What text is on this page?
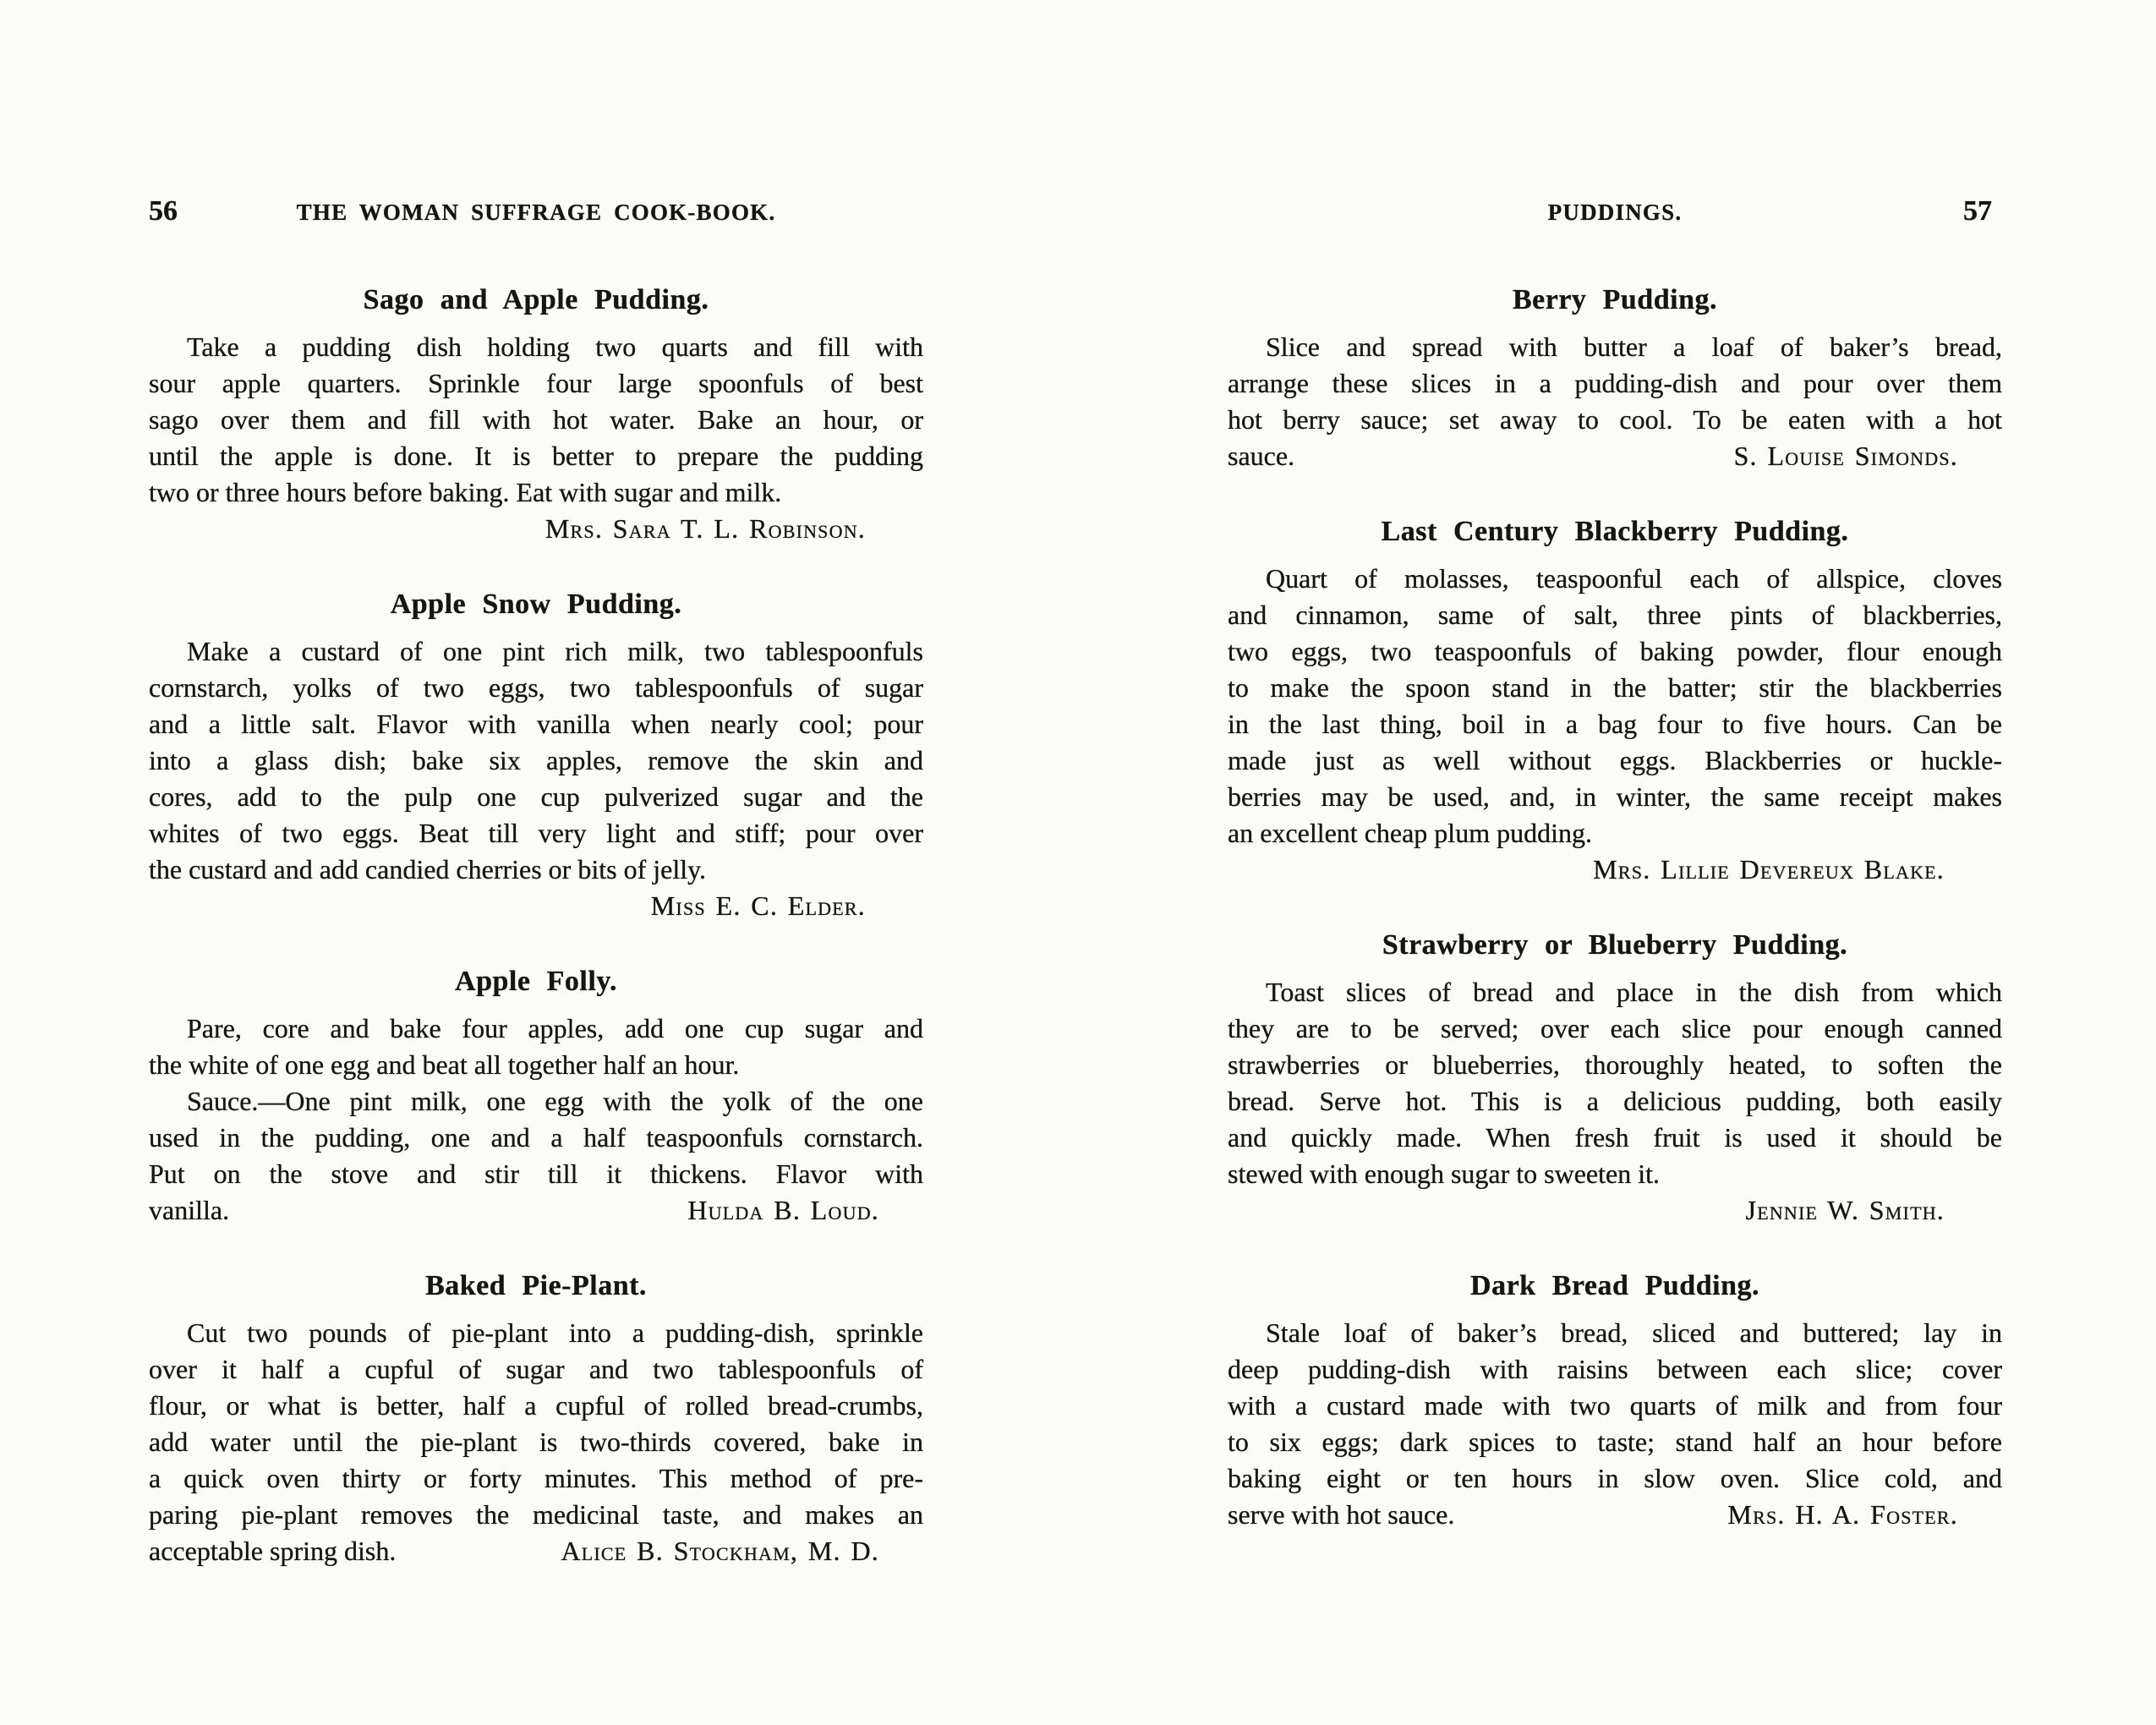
56	THE WOMAN SUFFRAGE COOK-BOOK.
Sago and Apple Pudding.
Take a pudding dish holding two quarts and fill with
sour apple quarters. Sprinkle four large spoonfuls of best
sago over them and fill with hot water. Bake an hour, or
until the apple is done. It is better to prepare the pudding
two or three hours before baking. Eat with sugar and milk.
Mrs. Sara T. L. Robinson.
Apple Snow Pudding.
Make a custard of one pint rich milk, two tablespoonfuls
cornstarch, yolks of two eggs, two tablespoonfuls of sugar
and a little salt. Flavor with vanilla when nearly cool; pour
into a glass dish; bake six apples, remove the skin and
cores, add to the pulp one cup pulverized sugar and the
whites of two eggs. Beat till very light and stiff; pour over
the custard and add candied cherries or bits of jelly.
Miss E. C. Elder.
Apple Folly.
Pare, core and bake four apples, add one cup sugar and
the white of one egg and beat all together half an hour.
Sauce.—One pint milk, one egg with the yolk of the one
used in the pudding, one and a half teaspoonfuls cornstarch.
Put on the stove and stir till it thickens. Flavor with
vanilla.	Hulda B. Loud.
Baked Pie-Plant.
Cut two pounds of pie-plant into a pudding-dish, sprinkle
over it half a cupful of sugar and two tablespoonfuls of
flour, or what is better, half a cupful of rolled bread-crumbs,
add water until the pie-plant is two-thirds covered, bake in
a quick oven thirty or forty minutes. This method of pre-
paring pie-plant removes the medicinal taste, and makes an
acceptable spring dish.	Alice B. Stockham, M. D.
PUDDINGS.	57
Berry Pudding.
Slice and spread with butter a loaf of baker’s bread,
arrange these slices in a pudding-dish and pour over them
hot berry sauce; set away to cool. To be eaten with a hot
sauce.	S. Louise Simonds.
Last Century Blackberry Pudding.
Quart of molasses, teaspoonful each of allspice, cloves
and cinnamon, same of salt, three pints of blackberries,
two eggs, two teaspoonfuls of baking powder, flour enough
to make the spoon stand in the batter; stir the blackberries
in the last thing, boil in a bag four to five hours. Can be
made just as well without eggs. Blackberries or huckle-
berries may be used, and, in winter, the same receipt makes
an excellent cheap plum pudding.
Mrs. Lillie Devereux Blake.
Strawberry or Blueberry Pudding.
Toast slices of bread and place in the dish from which
they are to be served; over each slice pour enough canned
strawberries or blueberries, thoroughly heated, to soften the
bread. Serve hot. This is a delicious pudding, both easily
and quickly made. When fresh fruit is used it should be
stewed with enough sugar to sweeten it.
Jennie W. Smith.
Dark Bread Pudding.
Stale loaf of baker’s bread, sliced and buttered; lay in
deep pudding-dish with raisins between each slice; cover
with a custard made with two quarts of milk and from four
to six eggs; dark spices to taste; stand half an hour before
baking eight or ten hours in slow oven. Slice cold, and
serve with hot sauce.	Mrs. H. A. Foster.
